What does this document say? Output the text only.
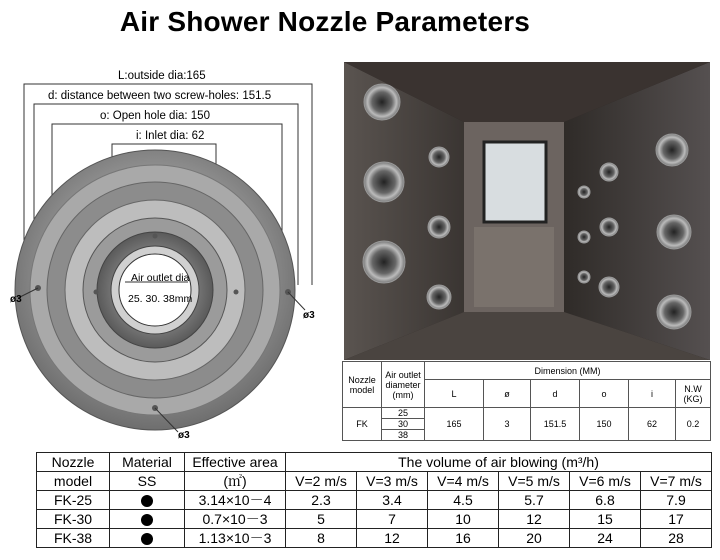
Air Shower Nozzle Parameters
L:outside dia:165
d: distance between two screw-holes: 151.5
o: Open hole dia: 150
i: Inlet dia: 62
Air outlet dia
25. 30. 38mm
ø3
ø3
ø3
Nozzle model	Air outlet diameter (mm)	Dimension (MM)					
		L	ø	d	o	i	N.W (KG)
FK	25	165	3	151.5	150	62	0.2
	30						
	38						
Nozzle	Material	Effective area	The volume of air blowing (m³/h)					
model	SS	(㎡)	V=2 m/s	V=3 m/s	V=4 m/s	V=5 m/s	V=6 m/s	V=7 m/s
FK-25		3.14×10－4	2.3	3.4	4.5	5.7	6.8	7.9
FK-30		0.7×10－3	5	7	10	12	15	17
FK-38		1.13×10－3	8	12	16	20	24	28
